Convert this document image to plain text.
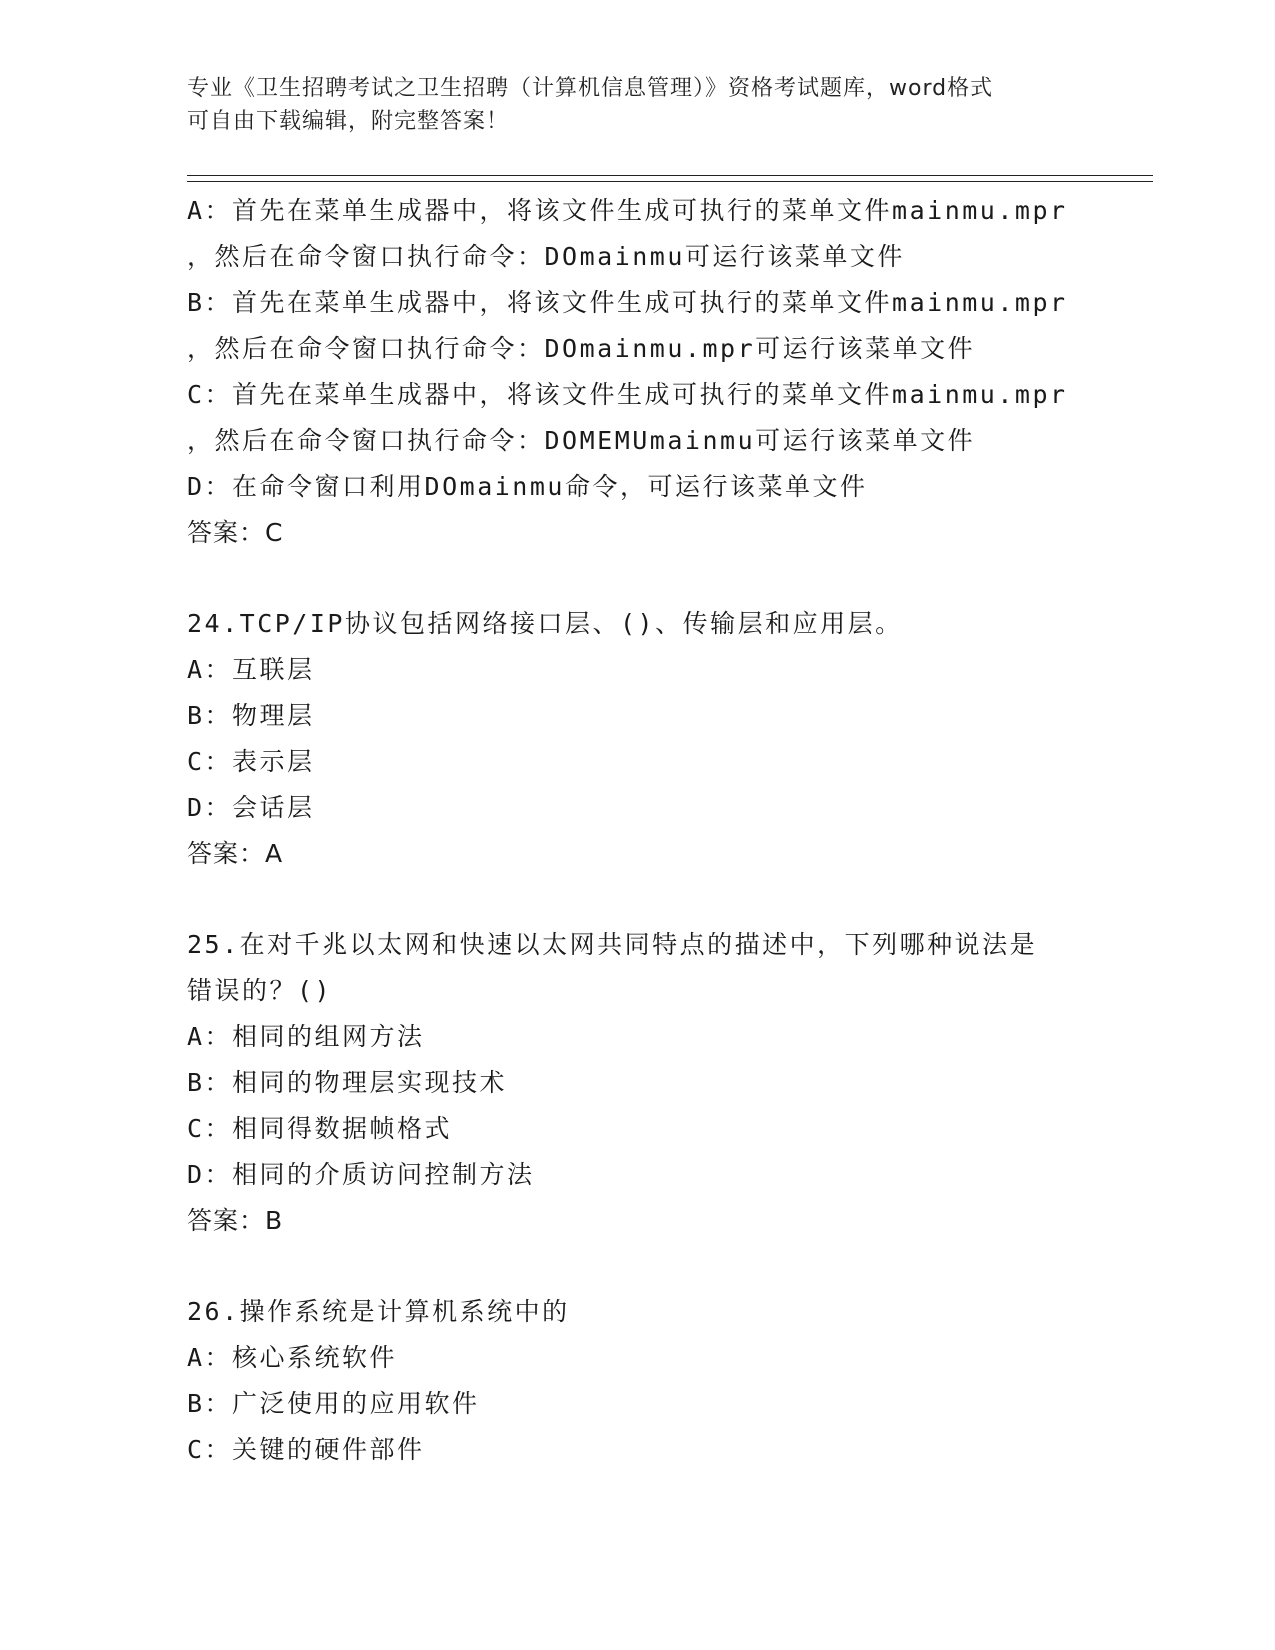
专业《卫生招聘考试之卫生招聘（计算机信息管理）》资格考试题库，word格式
可自由下载编辑，附完整答案！
A：首先在菜单生成器中，将该文件生成可执行的菜单文件mainmu.mpr
，然后在命令窗口执行命令：DOmainmu可运行该菜单文件
B：首先在菜单生成器中，将该文件生成可执行的菜单文件mainmu.mpr
，然后在命令窗口执行命令：DOmainmu.mpr可运行该菜单文件
C：首先在菜单生成器中，将该文件生成可执行的菜单文件mainmu.mpr
，然后在命令窗口执行命令：DOMEMUmainmu可运行该菜单文件
D：在命令窗口利用DOmainmu命令，可运行该菜单文件
答案：C
24.TCP/IP协议包括网络接口层、()、传输层和应用层。
A：互联层
B：物理层
C：表示层
D：会话层
答案：A
25.在对千兆以太网和快速以太网共同特点的描述中，下列哪种说法是
错误的？()
A：相同的组网方法
B：相同的物理层实现技术
C：相同得数据帧格式
D：相同的介质访问控制方法
答案：B
26.操作系统是计算机系统中的
A：核心系统软件
B：广泛使用的应用软件
C：关键的硬件部件
